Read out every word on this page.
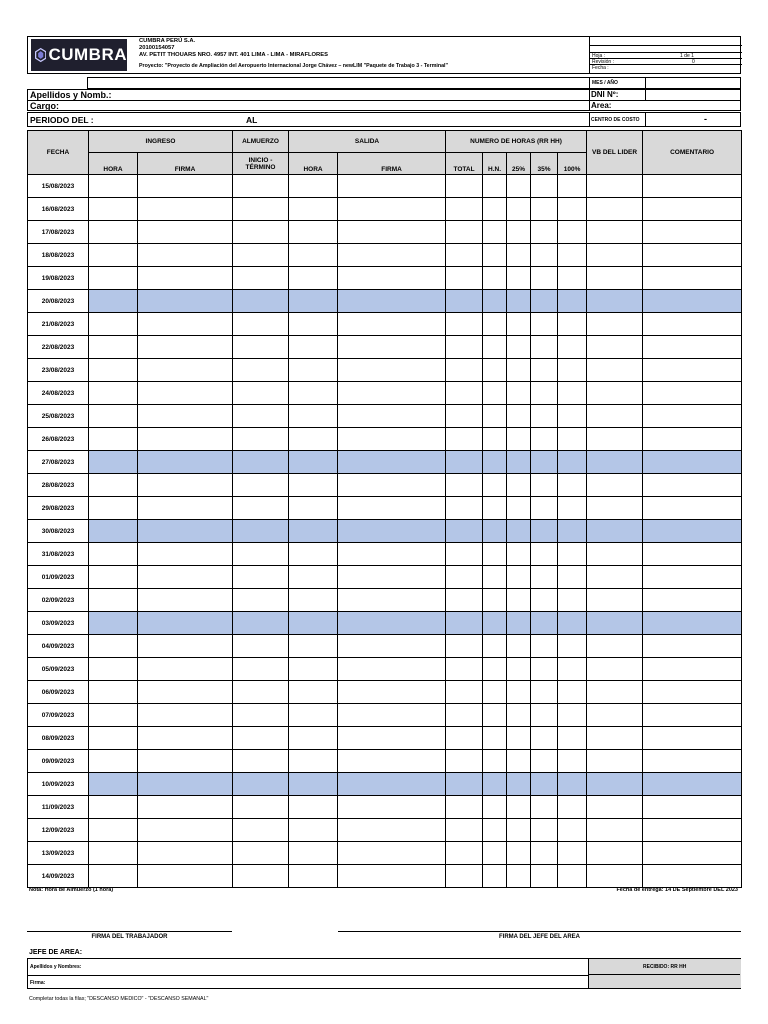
CUMBRA
CUMBRA PERÚ S.A.
20100154057
AV. PETIT THOUARS NRO. 4957 INT. 401 LIMA - LIMA - MIRAFLORES
Proyecto: "Proyecto de Ampliación del Aeropuerto Internacional Jorge Chávez – newLIM "Paquete de Trabajo 3 - Terminal"
Hoja :	1 de 1
Revisión :	0
Fecha :
MES / AÑO
Apellidos y Nomb.:	DNI Nº:
Cargo:	Area:
PERIODO DEL :	AL	CENTRO DE COSTO	-
FECHA	INGRESO		ALMUERZO	SALIDA		NUMERO DE HORAS (RR HH)					VB DEL LIDER	COMENTARIO
	HORA	FIRMA	INICIO - TÉRMINO	HORA	FIRMA	TOTAL	H.N.	25%	35%	100%		
15/08/2023												
16/08/2023												
17/08/2023												
18/08/2023												
19/08/2023												
20/08/2023												
21/08/2023												
22/08/2023												
23/08/2023												
24/08/2023												
25/08/2023												
26/08/2023												
27/08/2023												
28/08/2023												
29/08/2023												
30/08/2023												
31/08/2023												
01/09/2023												
02/09/2023												
03/09/2023												
04/09/2023												
05/09/2023												
06/09/2023												
07/09/2023												
08/09/2023												
09/09/2023												
10/09/2023												
11/09/2023												
12/09/2023												
13/09/2023												
14/09/2023												
Nota: Hora de Almuerzo (1 hora)	Fecha de entrega: 14 DE Septiembre DEL 2023
FIRMA DEL TRABAJADOR	FIRMA DEL JEFE DEL AREA
JEFE DE AREA:
Apellidos y Nombres:	RECIBIDO: RR HH
Firma:
Completar todas la filas; "DESCANSO MEDICO" - "DESCANSO SEMANAL"
